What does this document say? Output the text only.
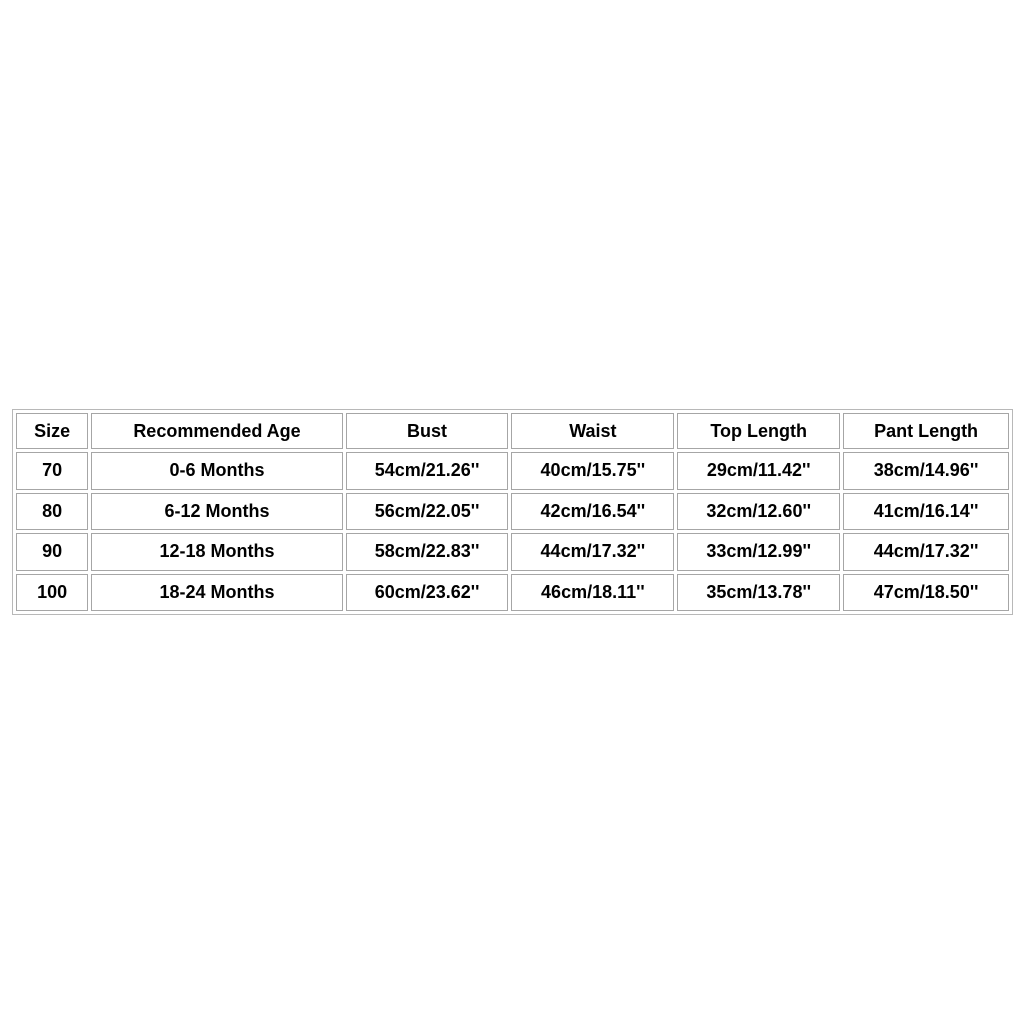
Size	Recommended Age	Bust	Waist	Top Length	Pant Length
70	0-6 Months	54cm/21.26''	40cm/15.75''	29cm/11.42''	38cm/14.96''
80	6-12 Months	56cm/22.05''	42cm/16.54''	32cm/12.60''	41cm/16.14''
90	12-18 Months	58cm/22.83''	44cm/17.32''	33cm/12.99''	44cm/17.32''
100	18-24 Months	60cm/23.62''	46cm/18.11''	35cm/13.78''	47cm/18.50''
